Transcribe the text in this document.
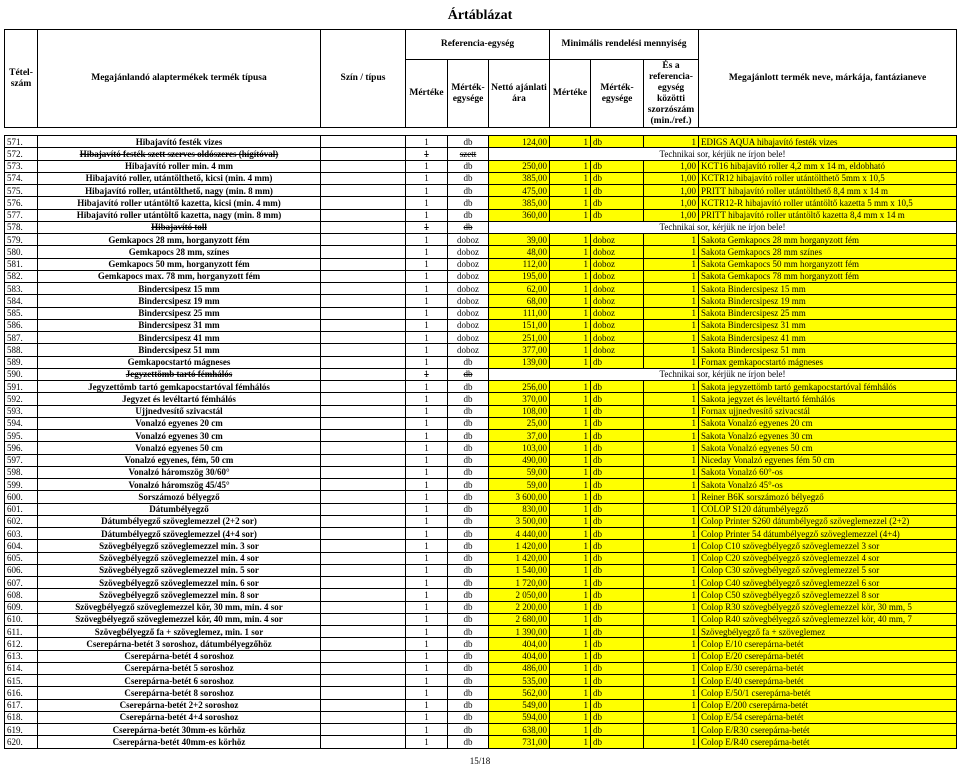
Ártáblázat
Tétel-szám	Megajánlandó alaptermékek termék típusa	Szín / típus	Referencia-egység			Minimális rendelési mennyiség			Megajánlott termék neve, márkája, fantázianeve
			Mértéke	Mérték-egysége	Nettó ajánlati ára	Mértéke	Mérték-egysége	És a referencia-egység közötti szorzószám (min./ref.)	

571.	Hibajavító festék vizes		1	db	124,00	1	db	1	EDIGS AQUA hibajavító festék vizes
572.	Hibajavító festék szett szerves oldószeres (hígítóval)		1	szett	Technikai sor, kérjük ne írjon bele!				
573.	Hibajavító roller min. 4 mm		1	db	250,00	1	db	1,00	KCT16 hibajavító roller 4,2 mm x 14 m, eldobható
574.	Hibajavító roller, utántölthető, kicsi (min. 4 mm)		1	db	385,00	1	db	1,00	KCTR12 hibajavító roller utántölthető 5mm x 10,5
575.	Hibajavító roller, utántölthető, nagy (min. 8 mm)		1	db	475,00	1	db	1,00	PRITT hibajavító roller utántölthető 8,4 mm x 14 m
576.	Hibajavító roller utántöltő kazetta, kicsi (min. 4 mm)		1	db	385,00	1	db	1,00	KCTR12-R hibajavító roller utántöltő kazetta 5 mm x 10,5
577.	Hibajavító roller utántöltő kazetta, nagy (min. 8 mm)		1	db	360,00	1	db	1,00	PRITT hibajavító roller utántöltő kazetta 8,4 mm x 14 m
578.	Hibajavító toll		1	db	Technikai sor, kérjük ne írjon bele!				
579.	Gemkapocs 28 mm, horganyzott fém		1	doboz	39,00	1	doboz	1	Sakota Gemkapocs 28 mm horganyzott fém
580.	Gemkapocs 28 mm, színes		1	doboz	48,00	1	doboz	1	Sakota Gemkapocs 28 mm színes
581.	Gemkapocs 50 mm, horganyzott fém		1	doboz	112,00	1	doboz	1	Sakota Gemkapocs 50 mm horganyzott fém
582.	Gemkapocs max. 78 mm, horganyzott fém		1	doboz	195,00	1	doboz	1	Sakota Gemkapocs 78 mm horganyzott fém
583.	Bindercsipesz 15 mm		1	doboz	62,00	1	doboz	1	Sakota Bindercsipesz 15 mm
584.	Bindercsipesz 19 mm		1	doboz	68,00	1	doboz	1	Sakota Bindercsipesz 19 mm
585.	Bindercsipesz 25 mm		1	doboz	111,00	1	doboz	1	Sakota Bindercsipesz 25 mm
586.	Bindercsipesz 31 mm		1	doboz	151,00	1	doboz	1	Sakota Bindercsipesz 31 mm
587.	Bindercsipesz 41 mm		1	doboz	251,00	1	doboz	1	Sakota Bindercsipesz 41 mm
588.	Bindercsipesz 51 mm		1	doboz	377,00	1	doboz	1	Sakota Bindercsipesz 51 mm
589.	Gemkapocstartó mágneses		1	db	139,00	1	db	1	Fornax gemkapocstartó mágneses
590.	Jegyzettömb tartó fémhálós		1	db	Technikai sor, kérjük ne írjon bele!				
591.	Jegyzettömb tartó gemkapocstartóval fémhálós		1	db	256,00	1	db	1	Sakota jegyzettömb tartó gemkapocstartóval fémhálós
592.	Jegyzet és levéltartó fémhálós		1	db	370,00	1	db	1	Sakota jegyzet és levéltartó fémhálós
593.	Ujjnedvesítő szivacstál		1	db	108,00	1	db	1	Fornax ujjnedvesítő szivacstál
594.	Vonalzó egyenes 20 cm		1	db	25,00	1	db	1	Sakota Vonalzó egyenes 20 cm
595.	Vonalzó egyenes 30 cm		1	db	37,00	1	db	1	Sakota Vonalzó egyenes 30 cm
596.	Vonalzó egyenes 50 cm		1	db	103,00	1	db	1	Sakota Vonalzó egyenes 50 cm
597.	Vonalzó egyenes, fém, 50 cm		1	db	490,00	1	db	1	Niceday Vonalzó egyenes fém 50 cm
598.	Vonalzó háromszög 30/60°		1	db	59,00	1	db	1	Sakota Vonalzó 60°-os
599.	Vonalzó háromszög 45/45°		1	db	59,00	1	db	1	Sakota Vonalzó 45°-os
600.	Sorszámozó bélyegző		1	db	3 600,00	1	db	1	Reiner B6K sorszámozó bélyegző
601.	Dátumbélyegző		1	db	830,00	1	db	1	COLOP S120 dátumbélyegző
602.	Dátumbélyegző szöveglemezzel (2+2 sor)		1	db	3 500,00	1	db	1	Colop Printer S260 dátumbélyegző szöveglemezzel (2+2)
603.	Dátumbélyegző szöveglemezzel (4+4 sor)		1	db	4 440,00	1	db	1	Colop Printer 54 dátumbélyegző szöveglemezzel (4+4)
604.	Szövegbélyegző szöveglemezzel min. 3 sor		1	db	1 420,00	1	db	1	Colop C10 szövegbélyegző szöveglemezzel 3 sor
605.	Szövegbélyegző szöveglemezzel min. 4 sor		1	db	1 420,00	1	db	1	Colop C20 szövegbélyegző szöveglemezzel 4 sor
606.	Szövegbélyegző szöveglemezzel min. 5 sor		1	db	1 540,00	1	db	1	Colop C30 szövegbélyegző szöveglemezzel 5 sor
607.	Szövegbélyegző szöveglemezzel min. 6 sor		1	db	1 720,00	1	db	1	Colop C40 szövegbélyegző szöveglemezzel 6 sor
608.	Szövegbélyegző szöveglemezzel min. 8 sor		1	db	2 050,00	1	db	1	Colop C50 szövegbélyegző szöveglemezzel 8 sor
609.	Szövegbélyegző szöveglemezzel kör, 30 mm, min. 4 sor		1	db	2 200,00	1	db	1	Colop R30 szövegbélyegző szöveglemezzel kör, 30 mm, 5
610.	Szövegbélyegző szöveglemezzel kör, 40 mm, min. 4 sor		1	db	2 680,00	1	db	1	Colop R40 szövegbélyegző szöveglemezzel kör, 40 mm, 7
611.	Szövegbélyegző fa + szöveglemez, min. 1 sor		1	db	1 390,00	1	db	1	Szövegbélyegző fa + szöveglemez
612.	Cserepárna-betét 3 soroshoz, dátumbélyegzőhöz		1	db	404,00	1	db	1	Colop E/10 cserepárna-betét
613.	Cserepárna-betét 4 soroshoz		1	db	404,00	1	db	1	Colop E/20 cserepárna-betét
614.	Cserepárna-betét 5 soroshoz		1	db	486,00	1	db	1	Colop E/30 cserepárna-betét
615.	Cserepárna-betét 6 soroshoz		1	db	535,00	1	db	1	Colop E/40 cserepárna-betét
616.	Cserepárna-betét 8 soroshoz		1	db	562,00	1	db	1	Colop E/50/1 cserepárna-betét
617.	Cserepárna-betét 2+2 soroshoz		1	db	549,00	1	db	1	Colop E/200 cserepárna-betét
618.	Cserepárna-betét 4+4 soroshoz		1	db	594,00	1	db	1	Colop E/54 cserepárna-betét
619.	Cserepárna-betét 30mm-es körhöz		1	db	638,00	1	db	1	Colop E/R30 cserepárna-betét
620.	Cserepárna-betét 40mm-es körhöz		1	db	731,00	1	db	1	Colop E/R40 cserepárna-betét
15/18
